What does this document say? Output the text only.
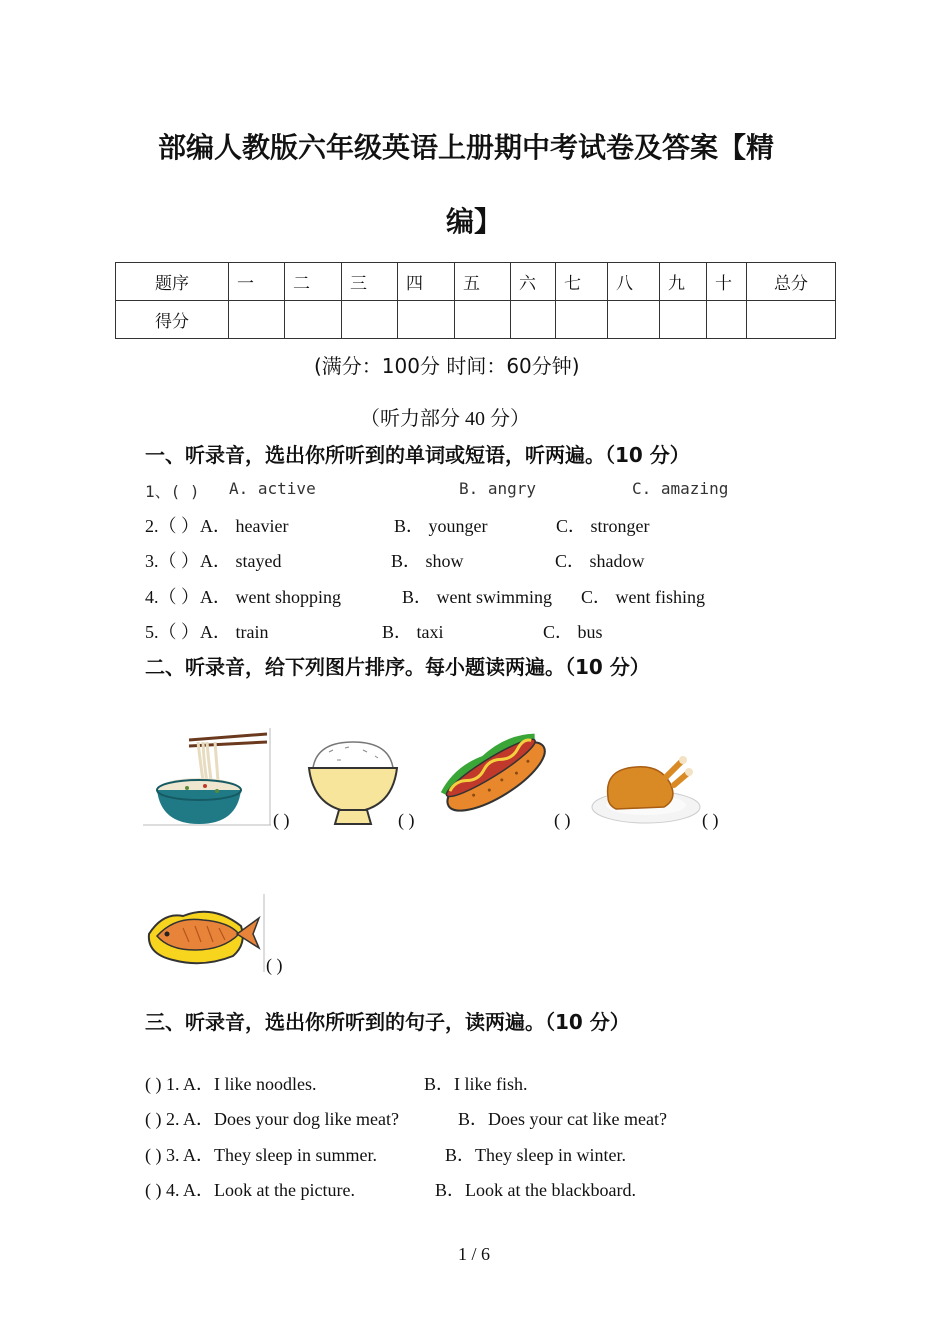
部编人教版六年级英语上册期中考试卷及答案【精
编】
题序	一	二	三	四	五	六	七	八	九	十	总分
得分											
(满分：100分 时间：60分钟)
（听力部分 40 分）
一、听录音，选出你所听到的单词或短语，听两遍。（10 分）
1、( ) A. active	B. angry	C. amazing
2.（ ） A． heavier	B． younger	C． stronger
3.（ ） A． stayed	B． show	C． shadow
4.（ ） A． went shopping	B． went swimming C． went fishing
5.（ ） A． train	B． taxi	C． bus
二、听录音，给下列图片排序。每小题读两遍。（10 分）
( )	( )	( )	( )
( )
三、听录音，选出你所听到的句子，读两遍。（10 分）
( ) 1. A．I like noodles.	B．I like fish.
( ) 2. A．Does your dog like meat?	B．Does your cat like meat?
( ) 3. A．They sleep in summer.	B．They sleep in winter.
( ) 4. A．Look at the picture.	B．Look at the blackboard.
1 / 6
